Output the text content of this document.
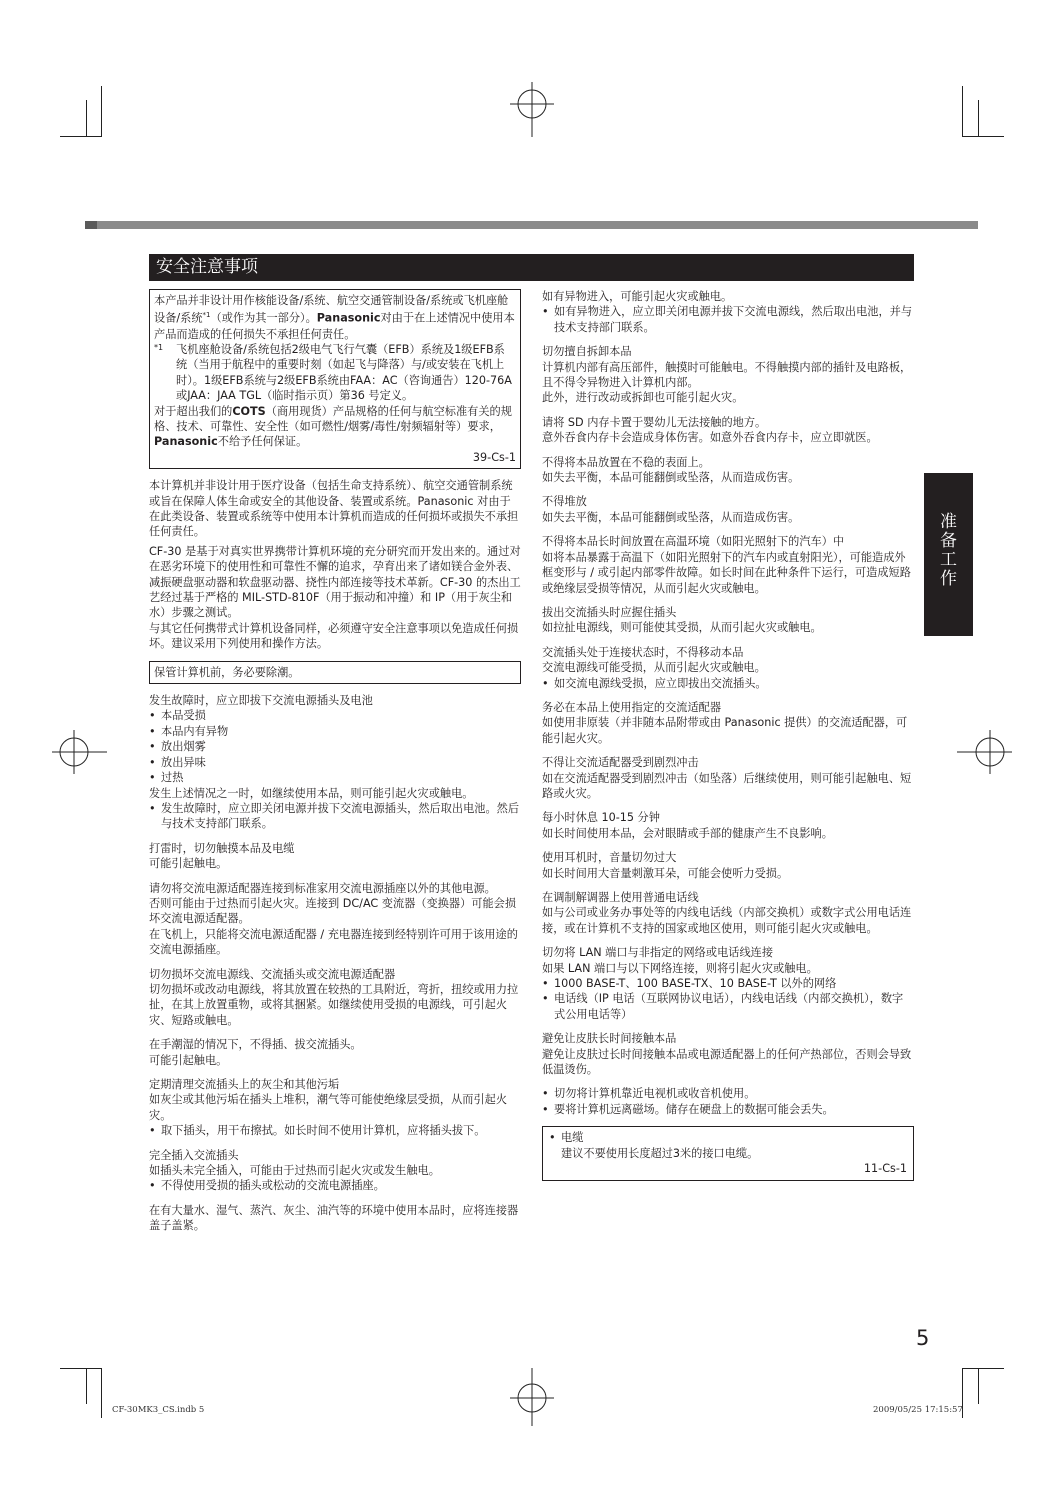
安全注意事项

本产品并非设计用作核能设备/系统、航空交通管制设备/系统或飞机座舱设备/系统$^{*1}$（或作为其一部分）。Panasonic对由于在上述情况中使用本产品而造成的任何损失不承担任何责任。

*1	飞机座舱设备/系统包括2级电气飞行气囊（EFB）系统及1级EFB系统（当用于航程中的重要时刻（如起飞与降落）与/或安装在飞机上时）。1级EFB系统与2级EFB系统由FAA：AC（咨询通告）120-76A或JAA：JAA TGL（临时指示页）第36 号定义。

对于超出我们的COTS（商用现货）产品规格的任何与航空标准有关的规格、技术、可靠性、安全性（如可燃性/烟雾/毒性/射频辐射等）要求，Panasonic不给予任何保证。

39-Cs-1

本计算机并非设计用于医疗设备（包括生命支持系统）、航空交通管制系统或旨在保障人体生命或安全的其他设备、装置或系统。Panasonic 对由于在此类设备、装置或系统等中使用本计算机而造成的任何损坏或损失不承担任何责任。

CF-30 是基于对真实世界携带计算机环境的充分研究而开发出来的。通过对在恶劣环境下的使用性和可靠性不懈的追求，孕育出来了诸如镁合金外表、减振硬盘驱动器和软盘驱动器、挠性内部连接等技术革新。CF-30 的杰出工艺经过基于严格的 MIL-STD-810F（用于振动和冲撞）和 IP（用于灰尘和水）步骤之测试。

与其它任何携带式计算机设备同样，必须遵守安全注意事项以免造成任何损坏。建议采用下列使用和操作方法。

保管计算机前，务必要除潮。

发生故障时，应立即拔下交流电源插头及电池

• 本品受损

• 本品内有异物

• 放出烟雾

• 放出异味

• 过热

发生上述情况之一时，如继续使用本品，则可能引起火灾或触电。

• 发生故障时，应立即关闭电源并拔下交流电源插头，然后取出电池。然后与技术支持部门联系。

打雷时，切勿触摸本品及电缆

可能引起触电。

请勿将交流电源适配器连接到标准家用交流电源插座以外的其他电源。

否则可能由于过热而引起火灾。连接到 DC/AC 变流器（变换器）可能会损坏交流电源适配器。

在飞机上，只能将交流电源适配器 / 充电器连接到经特别许可用于该用途的交流电源插座。

切勿损坏交流电源线、交流插头或交流电源适配器

切勿损坏或改动电源线，将其放置在较热的工具附近，弯折，扭绞或用力拉扯，在其上放置重物，或将其捆紧。如继续使用受损的电源线，可引起火灾、短路或触电。

在手潮湿的情况下，不得插、拔交流插头。

可能引起触电。

定期清理交流插头上的灰尘和其他污垢

如灰尘或其他污垢在插头上堆积，潮气等可能使绝缘层受损，从而引起火灾。

• 取下插头，用干布擦拭。如长时间不使用计算机，应将插头拔下。

完全插入交流插头

如插头未完全插入，可能由于过热而引起火灾或发生触电。

• 不得使用受损的插头或松动的交流电源插座。

在有大量水、湿气、蒸汽、灰尘、油汽等的环境中使用本品时，应将连接器盖子盖紧。

如有异物进入，可能引起火灾或触电。

• 如有异物进入，应立即关闭电源并拔下交流电源线，然后取出电池，并与技术支持部门联系。

切勿擅自拆卸本品

计算机内部有高压部件，触摸时可能触电。不得触摸内部的插针及电路板，且不得令异物进入计算机内部。

此外，进行改动或拆卸也可能引起火灾。

请将 SD 内存卡置于婴幼儿无法接触的地方。

意外吞食内存卡会造成身体伤害。如意外吞食内存卡，应立即就医。

不得将本品放置在不稳的表面上。

如失去平衡，本品可能翻倒或坠落，从而造成伤害。

不得堆放

如失去平衡，本品可能翻倒或坠落，从而造成伤害。

不得将本品长时间放置在高温环境（如阳光照射下的汽车）中

如将本品暴露于高温下（如阳光照射下的汽车内或直射阳光），可能造成外框变形与 / 或引起内部零件故障。如长时间在此种条件下运行，可造成短路或绝缘层受损等情况，从而引起火灾或触电。

拔出交流插头时应握住插头

如拉扯电源线，则可能使其受损，从而引起火灾或触电。

交流插头处于连接状态时，不得移动本品

交流电源线可能受损，从而引起火灾或触电。

• 如交流电源线受损，应立即拔出交流插头。

务必在本品上使用指定的交流适配器

如使用非原装（并非随本品附带或由 Panasonic 提供）的交流适配器，可能引起火灾。

不得让交流适配器受到剧烈冲击

如在交流适配器受到剧烈冲击（如坠落）后继续使用，则可能引起触电、短路或火灾。

每小时休息 10-15 分钟

如长时间使用本品，会对眼睛或手部的健康产生不良影响。

使用耳机时，音量切勿过大

如长时间用大音量刺激耳朵，可能会使听力受损。

在调制解调器上使用普通电话线

如与公司或业务办事处等的内线电话线（内部交换机）或数字式公用电话连接，或在计算机不支持的国家或地区使用，则可能引起火灾或触电。

切勿将 LAN 端口与非指定的网络或电话线连接

如果 LAN 端口与以下网络连接，则将引起火灾或触电。

• 1000 BASE-T、100 BASE-TX、10 BASE-T 以外的网络

• 电话线（IP 电话（互联网协议电话），内线电话线（内部交换机），数字式公用电话等）

避免让皮肤长时间接触本品

避免让皮肤过长时间接触本品或电源适配器上的任何产热部位，否则会导致低温烫伤。

• 切勿将计算机靠近电视机或收音机使用。

• 要将计算机远离磁场。储存在硬盘上的数据可能会丢失。

• 电缆

建议不要使用长度超过3米的接口电缆。

11-Cs-1

准
备
工
作
5
CF-30MK3_CS.indb 5	2009/05/25 17:15:57
